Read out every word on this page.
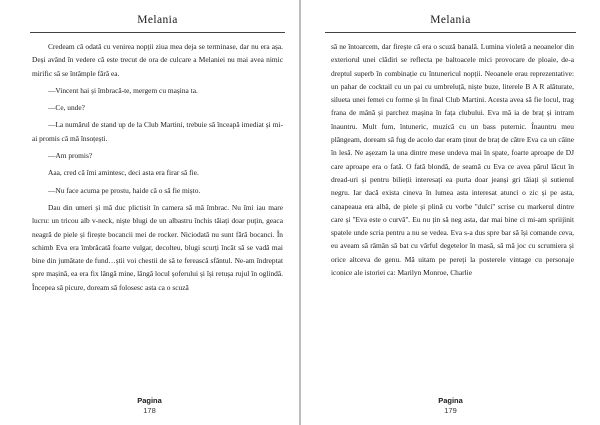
Melania

Credeam că odată cu venirea nopții ziua mea deja se terminase, dar nu era așa. Deși având în vedere că este trecut de ora de culcare a Melaniei nu mai avea nimic mirific să se întâmple fără ea.

—Vincent hai și îmbracă-te, mergem cu mașina ta.

—Ce, unde?

—La numărul de stand up de la Club Martini, trebuie să înceapă imediat și mi-ai promis că mă însoțești.

—Am promis?

Aaa, cred că îmi amintesc, deci asta era firar să fie.

—Nu face acuma pe prostu, haide că o să fie mișto.

Dau din umeri și mă duc plictisit în camera să mă îmbrac. Nu îmi iau mare lucru: un tricou alb v-neck, niște blugi de un albastru închis tăiați doar puțin, geaca neagră de piele și firește bocancii mei de rocker. Niciodată nu sunt fără bocanci. În schimb Eva era îmbrăcată foarte vulgar, decolteu, blugi scurți încât să se vadă mai bine din jumătate de fund…știi voi chestii de să te ferească sfântul. Ne-am îndreptat spre mașină, ea era fix lângă mine, lângă locul șoferului și își retușa rujul în oglindă. Începea să picure, doream să folosesc asta ca o scuză

Pagina
178
Melania

să ne întoarcem, dar firește că era o scuză banală. Lumina violetă a neoanelor din exteriorul unei clădiri se reflecta pe baltoacele mici provocare de ploaie, de-a dreptul superb în combinație cu întunericul nopții. Neoanele erau reprezentative: un pahar de cocktail cu un pai cu umbreluță, niște buze, literele B A R alăturate, silueta unei femei cu forme și în final Club Martini. Acesta avea să fie locul, trag frana de mână și parchez mașina în fața clubului. Eva mă ia de braț și intram înauntru. Mult fum, întuneric, muzică cu un bass puternic. Înauntru meu plângeam, doream să fug de acolo dar eram ținut de braț de către Eva ca un câine în lesă. Ne așezam la una dintre mese undeva mai în spate, foarte aproape de DJ care aproape era o fată. O fată blondă, de seamă cu Eva ce avea părul lăcut în dread-uri și pentru bilieții interesați ea purta doar jeanși gri tăiați și sutienul negru. Iar dacă exista cineva în lumea asta interesat atunci o zic și pe asta, canapeaua era albă, de piele și plină cu vorbe ''dulci'' scrise cu markerul dintre care și ''Eva este o curvă''. Eu nu țin să neg asta, dar mai bine ci mi-am spriijinit spatele unde scria pentru a nu se vedea. Eva s-a dus spre bar să își comande ceva, eu aveam să rămân să bat cu vârful degetelor în masă, să mă joc cu scrumiera și orice altceva de genu. Mă uitam pe pereți la posterele vintage cu personaje iconice ale istoriei ca: Marilyn Monroe, Charlie

Pagina
179
